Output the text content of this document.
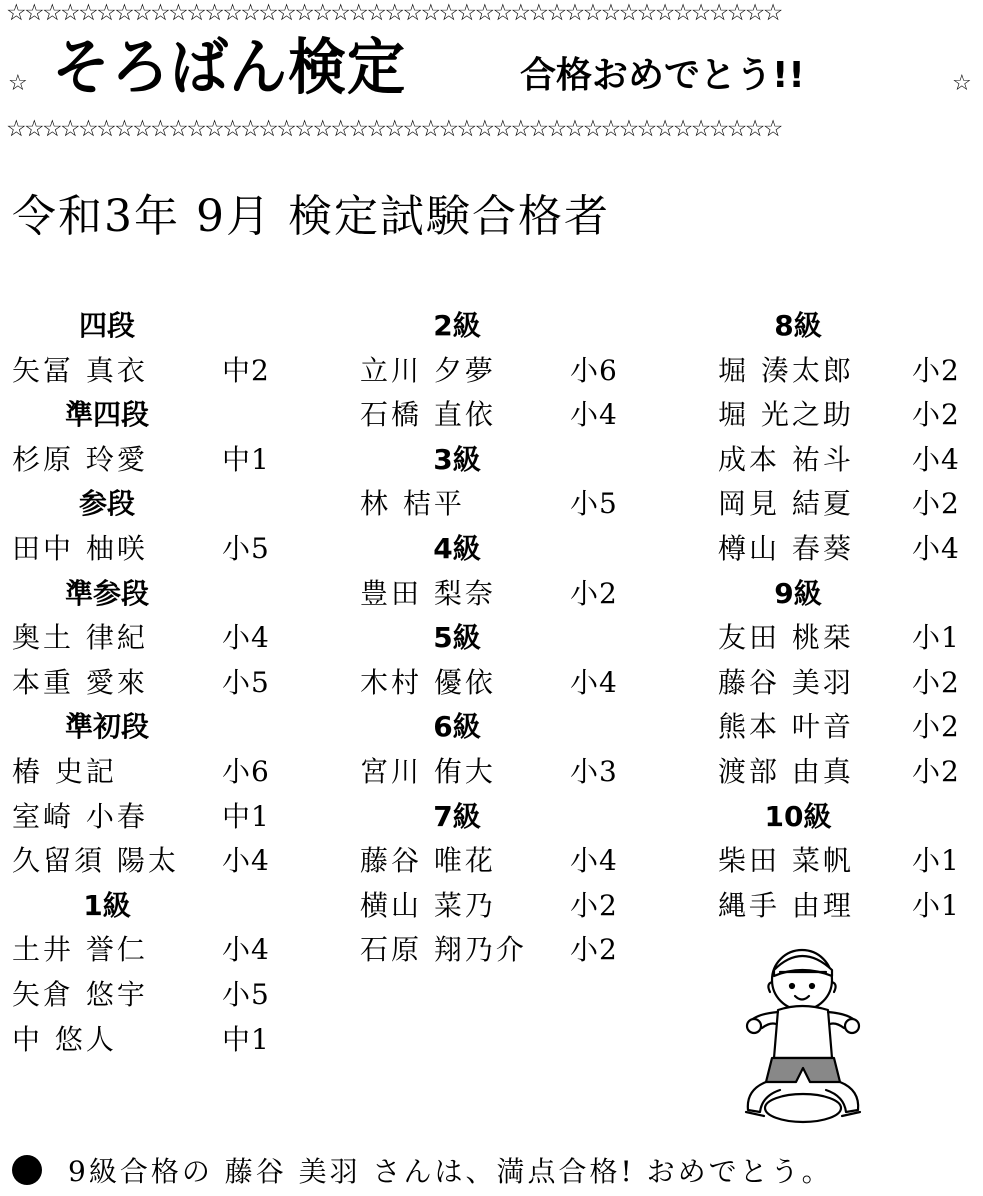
☆☆☆☆☆☆☆☆☆☆☆☆☆☆☆☆☆☆☆☆☆☆☆☆☆☆☆☆☆☆☆☆☆☆☆☆☆☆☆☆☆☆☆
☆ そろばん検定	合格おめでとう!!	☆
☆☆☆☆☆☆☆☆☆☆☆☆☆☆☆☆☆☆☆☆☆☆☆☆☆☆☆☆☆☆☆☆☆☆☆☆☆☆☆☆☆☆☆
令和3年 9月 検定試験合格者
四段
矢冨 真衣	中2
準四段
杉原 玲愛	中1
参段
田中 柚咲	小5
準参段
奥土 律紀	小4
本重 愛來	小5
準初段
椿 史記	小6
室崎 小春	中1
久留須 陽太 小4
1級
土井 誉仁	小4
矢倉 悠宇	小5
中 悠人	中1
2級
立川 夕夢	小6
石橋 直依	小4
3級
林 桔平	小5
4級
豊田 梨奈	小2
5級
木村 優依	小4
6級
宮川 侑大	小3
7級
藤谷 唯花	小4
横山 菜乃	小2
石原 翔乃介 小2
8級
堀 湊太郎 小2
堀 光之助 小2
成本 祐斗 小4
岡見 結夏 小2
樽山 春葵 小4
9級
友田 桃栞 小1
藤谷 美羽 小2
熊本 叶音 小2
渡部 由真 小2
10級
柴田 菜帆 小1
縄手 由理 小1
9級合格の 藤谷 美羽 さんは、満点合格! おめでとう。
